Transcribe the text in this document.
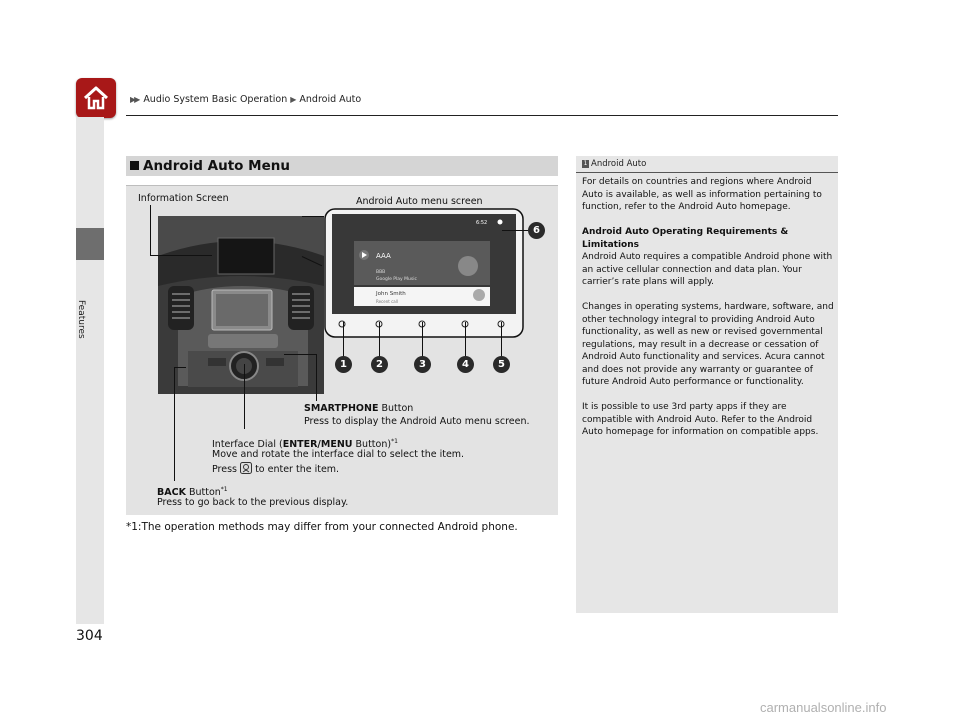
▶▶ Audio System Basic Operation ▶ Android Auto
Features
304
Android Auto Menu
Information Screen	Android Auto menu screen
AAA
BBB
Google Play Music
John Smith
Recent call
6:52
1	2	3	4	5
6
SMARTPHONE Button
Press to display the Android Auto menu screen.
Interface Dial (ENTER/MENU Button)$^{*1}$
Move and rotate the interface dial to select the item.
Press  to enter the item.
BACK Button$^{*1}$
Press to go back to the previous display.
*1:The operation methods may differ from your connected Android phone.
1 Android Auto

For details on countries and regions where Android Auto is available, as well as information pertaining to function, refer to the Android Auto homepage.

Android Auto Operating Requirements & Limitations

Android Auto requires a compatible Android phone with an active cellular connection and data plan. Your carrier’s rate plans will apply.

Changes in operating systems, hardware, software, and other technology integral to providing Android Auto functionality, as well as new or revised governmental regulations, may result in a decrease or cessation of Android Auto functionality and services. Acura cannot and does not provide any warranty or guarantee of future Android Auto performance or functionality.

It is possible to use 3rd party apps if they are compatible with Android Auto. Refer to the Android Auto homepage for information on compatible apps.

carmanualsonline.info
